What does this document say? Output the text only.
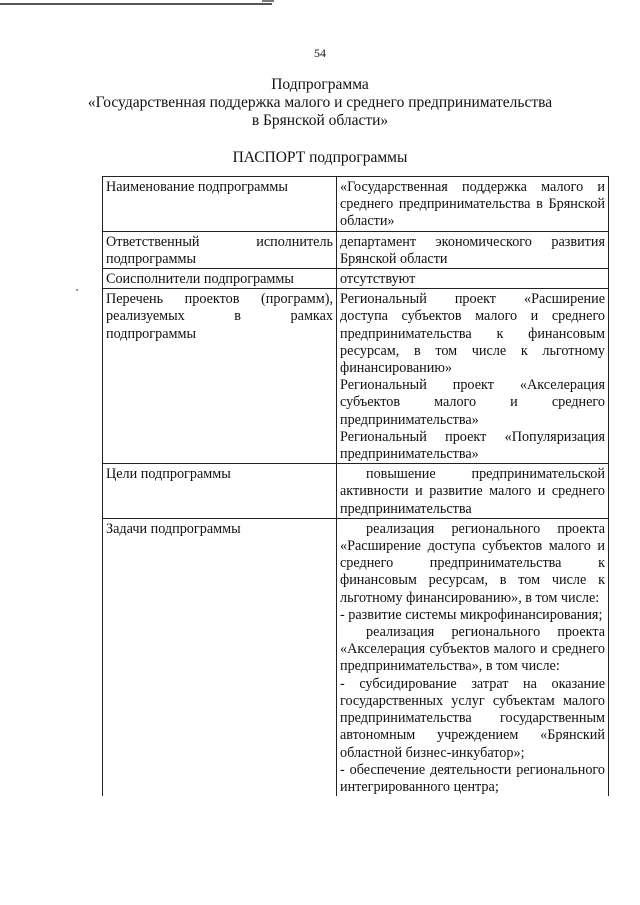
54
Подпрограмма
«Государственная поддержка малого и среднего предпринимательства
в Брянской области»
ПАСПОРТ подпрограммы
Наименование подпрограммы	«Государственная поддержка малого и среднего предпринимательства в Брянской области»

Ответственный исполнитель подпрограммы	департамент экономического развития Брянской области

Соисполнители подпрограммы	отсутствуют

Перечень проектов (программ), реализуемых в рамках подпрограммы	Региональный проект «Расширение доступа субъектов малого и среднего предпринимательства к финансовым ресурсам, в том числе к льготному финансированию»

Региональный проект «Акселерация субъектов малого и среднего предпринимательства»

Региональный проект «Популяризация предпринимательства»

Цели подпрограммы	повышение предпринимательской активности и развитие малого и среднего предпринимательства

Задачи подпрограммы	реализация регионального проекта «Расширение доступа субъектов малого и среднего предпринимательства к финансовым ресурсам, в том числе к льготному финансированию», в том числе:

- развитие системы микрофинансирования;

реализация регионального проекта «Акселерация субъектов малого и среднего предпринимательства», в том числе:

- субсидирование затрат на оказание государственных услуг субъектам малого предпринимательства государственным автономным учреждением «Брянский областной бизнес-инкубатор»;

- обеспечение деятельности регионального интегрированного центра;
